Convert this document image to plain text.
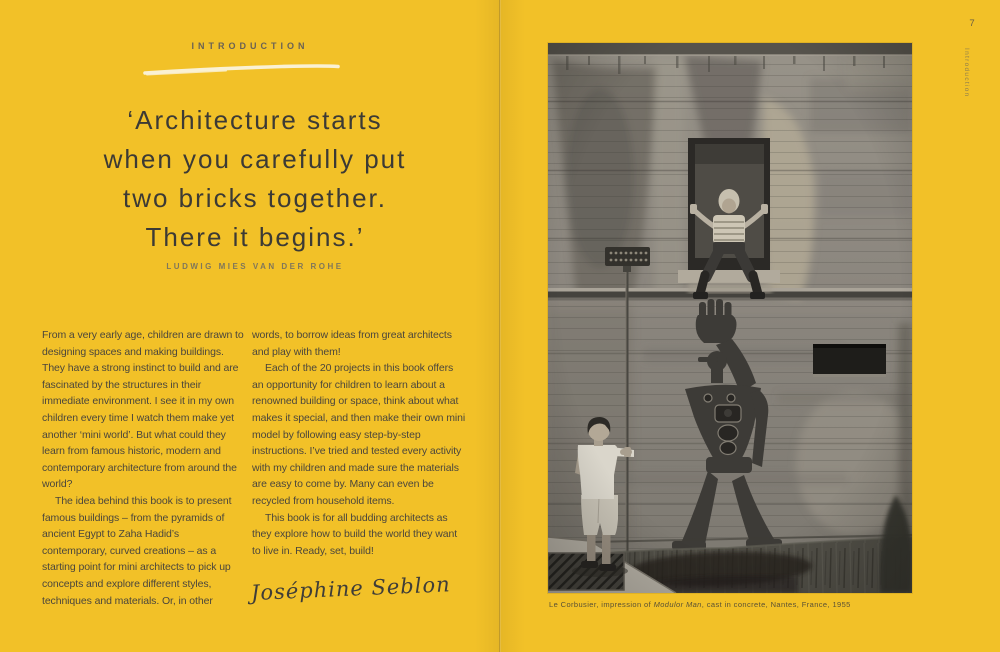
INTRODUCTION
‘Architecture starts
when you carefully put
two bricks together.
There it begins.’
LUDWIG MIES VAN DER ROHE

From a very early age, children are drawn to designing spaces and making buildings. They have a strong instinct to build and are fascinated by the structures in their immediate environment. I see it in my own children every time I watch them make yet another ‘mini world’. But what could they learn from famous historic, modern and contemporary architecture from around the world?

The idea behind this book is to present famous buildings – from the pyramids of ancient Egypt to Zaha Hadid’s contemporary, curved creations – as a starting point for mini architects to pick up concepts and explore different styles, techniques and materials. Or, in other

words, to borrow ideas from great architects and play with them!

Each of the 20 projects in this book offers an opportunity for children to learn about a renowned building or space, think about what makes it special, and then make their own mini model by following easy step-by-step instructions. I’ve tried and tested every activity with my children and made sure the materials are easy to come by. Many can even be recycled from household items.

This book is for all budding architects as they explore how to build the world they want to live in. Ready, set, build!

Joséphine Seblon	Le Corbusier, impression of Modulor Man, cast in concrete, Nantes, France, 1955
7
Introduction
